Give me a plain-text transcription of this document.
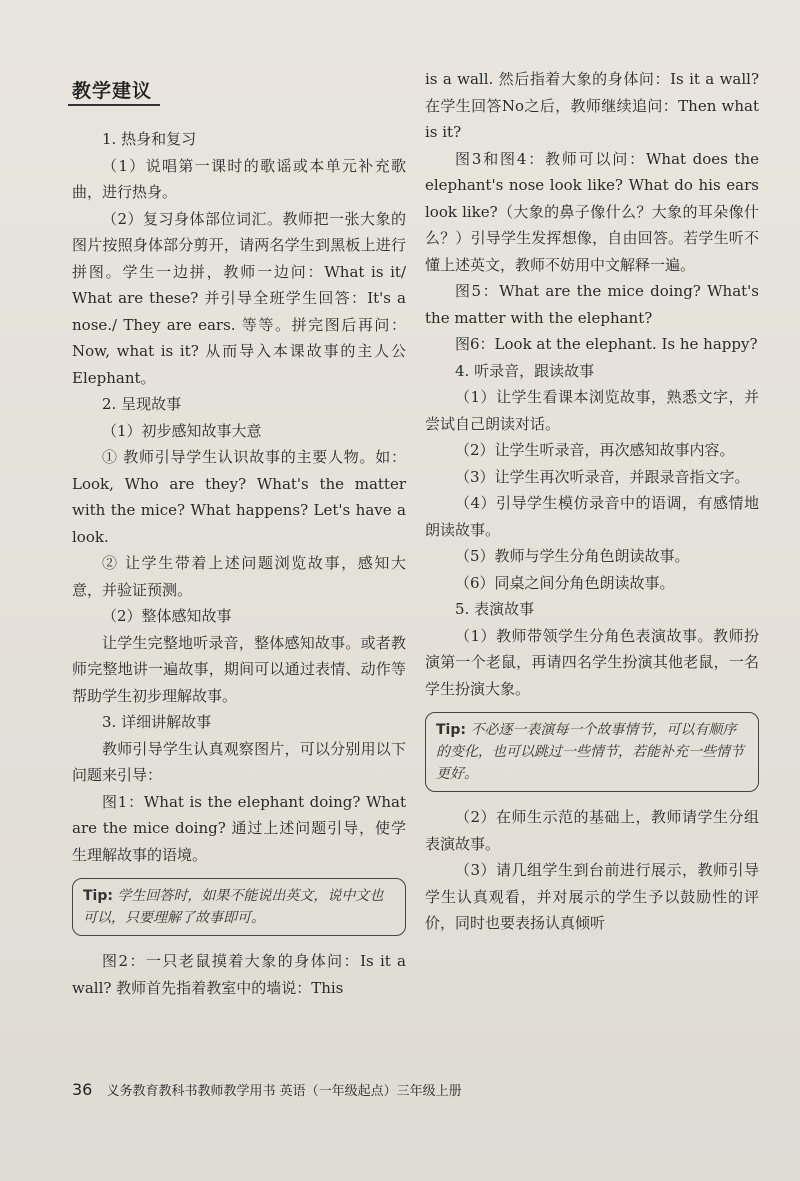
教学建议

1. 热身和复习

（1）说唱第一课时的歌谣或本单元补充歌曲，进行热身。

（2）复习身体部位词汇。教师把一张大象的图片按照身体部分剪开，请两名学生到黑板上进行拼图。学生一边拼，教师一边问：What is it/ What are these? 并引导全班学生回答：It's a nose./ They are ears. 等等。拼完图后再问：Now, what is it? 从而导入本课故事的主人公Elephant。

2. 呈现故事

（1）初步感知故事大意

① 教师引导学生认识故事的主要人物。如：Look, Who are they? What's the matter with the mice? What happens? Let's have a look.

② 让学生带着上述问题浏览故事，感知大意，并验证预测。

（2）整体感知故事

让学生完整地听录音，整体感知故事。或者教师完整地讲一遍故事，期间可以通过表情、动作等帮助学生初步理解故事。

3. 详细讲解故事

教师引导学生认真观察图片，可以分别用以下问题来引导：

图1：What is the elephant doing? What are the mice doing? 通过上述问题引导，使学生理解故事的语境。

Tip: 学生回答时，如果不能说出英文，说中文也可以，只要理解了故事即可。

图2：一只老鼠摸着大象的身体问：Is it a wall? 教师首先指着教室中的墙说：This

is a wall. 然后指着大象的身体问：Is it a wall? 在学生回答No之后，教师继续追问：Then what is it?

图3和图4：教师可以问：What does the elephant's nose look like? What do his ears look like?（大象的鼻子像什么？大象的耳朵像什么？）引导学生发挥想像，自由回答。若学生听不懂上述英文，教师不妨用中文解释一遍。

图5：What are the mice doing? What's the matter with the elephant?

图6：Look at the elephant. Is he happy?

4. 听录音，跟读故事

（1）让学生看课本浏览故事，熟悉文字，并尝试自己朗读对话。

（2）让学生听录音，再次感知故事内容。

（3）让学生再次听录音，并跟录音指文字。

（4）引导学生模仿录音中的语调，有感情地朗读故事。

（5）教师与学生分角色朗读故事。

（6）同桌之间分角色朗读故事。

5. 表演故事

（1）教师带领学生分角色表演故事。教师扮演第一个老鼠，再请四名学生扮演其他老鼠，一名学生扮演大象。

Tip: 不必逐一表演每一个故事情节，可以有顺序的变化，也可以跳过一些情节，若能补充一些情节更好。

（2）在师生示范的基础上，教师请学生分组表演故事。

（3）请几组学生到台前进行展示，教师引导学生认真观看，并对展示的学生予以鼓励性的评价，同时也要表扬认真倾听

36 义务教育教科书教师教学用书 英语（一年级起点）三年级上册
